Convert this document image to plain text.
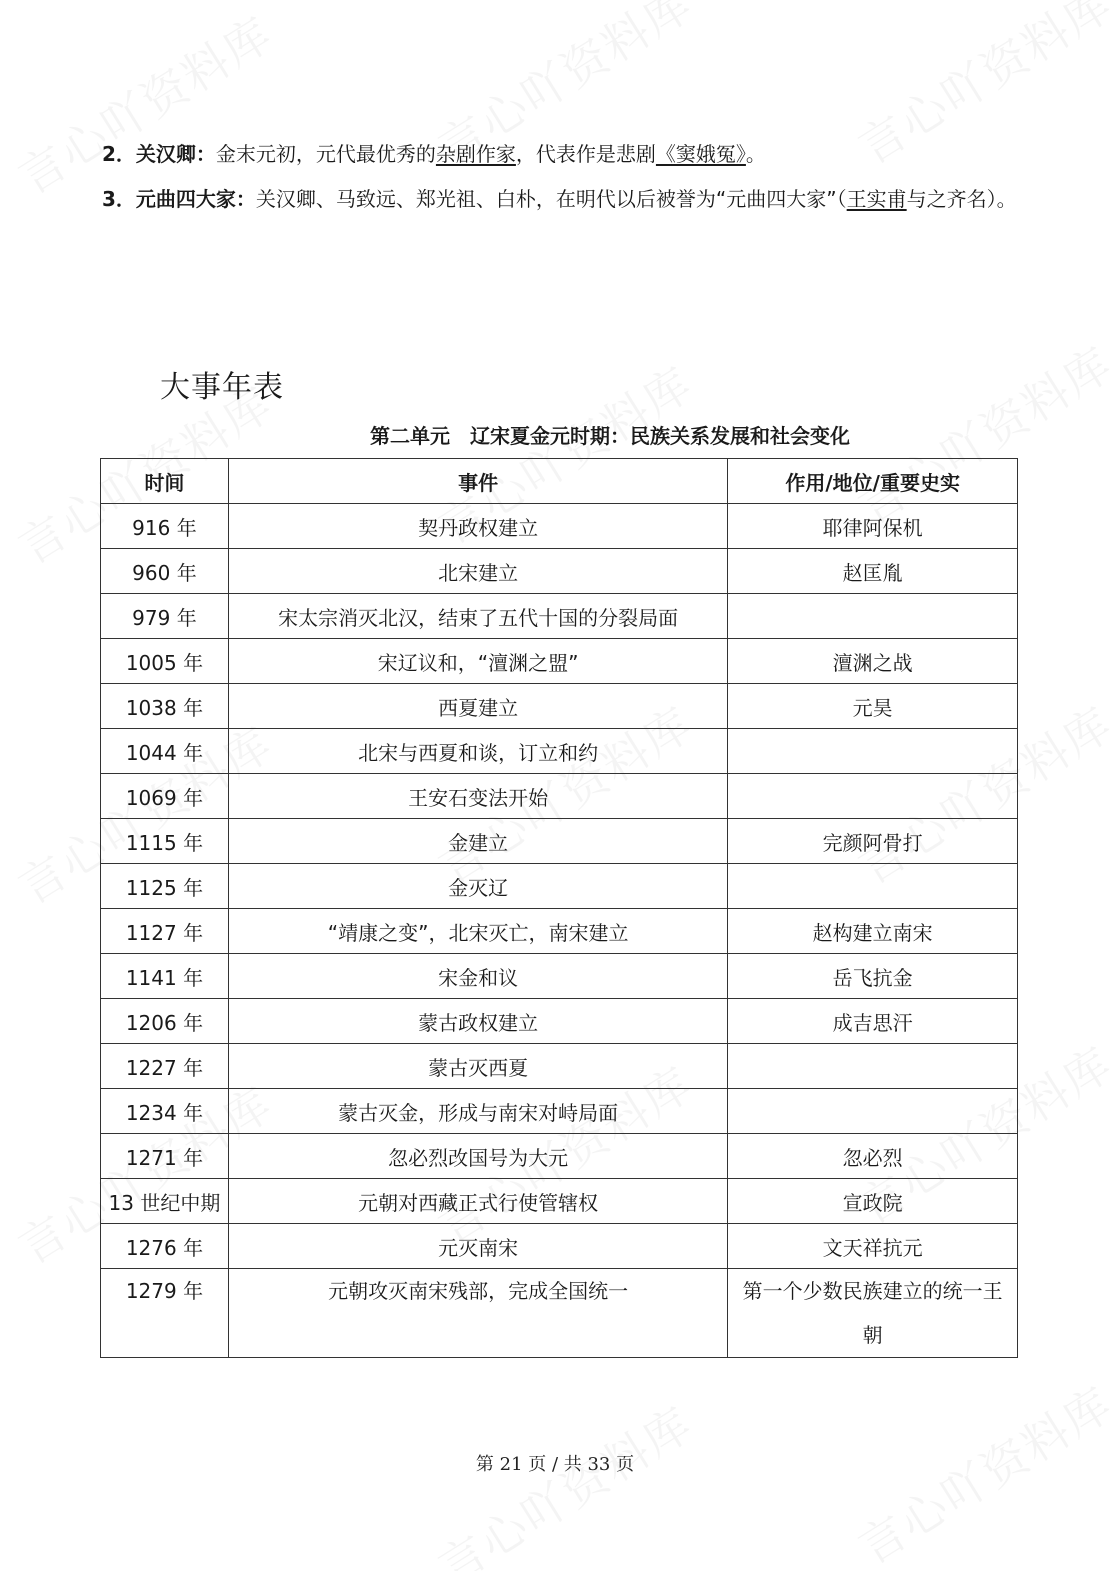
2．关汉卿：金末元初，元代最优秀的杂剧作家，代表作是悲剧《窦娥冤》。
3．元曲四大家：关汉卿、马致远、郑光祖、白朴，在明代以后被誉为“元曲四大家”（王实甫与之齐名）。
大事年表
第二单元　辽宋夏金元时期：民族关系发展和社会变化
时间	事件	作用/地位/重要史实
916 年	契丹政权建立	耶律阿保机
960 年	北宋建立	赵匡胤
979 年	宋太宗消灭北汉，结束了五代十国的分裂局面	
1005 年	宋辽议和，“澶渊之盟”	澶渊之战
1038 年	西夏建立	元昊
1044 年	北宋与西夏和谈，订立和约	
1069 年	王安石变法开始	
1115 年	金建立	完颜阿骨打
1125 年	金灭辽	
1127 年	“靖康之变”，北宋灭亡，南宋建立	赵构建立南宋
1141 年	宋金和议	岳飞抗金
1206 年	蒙古政权建立	成吉思汗
1227 年	蒙古灭西夏	
1234 年	蒙古灭金，形成与南宋对峙局面	
1271 年	忽必烈改国号为大元	忽必烈
13 世纪中期	元朝对西藏正式行使管辖权	宣政院
1276 年	元灭南宋	文天祥抗元
1279 年	元朝攻灭南宋残部，完成全国统一	第一个少数民族建立的统一王朝
第 21 页 / 共 33 页
